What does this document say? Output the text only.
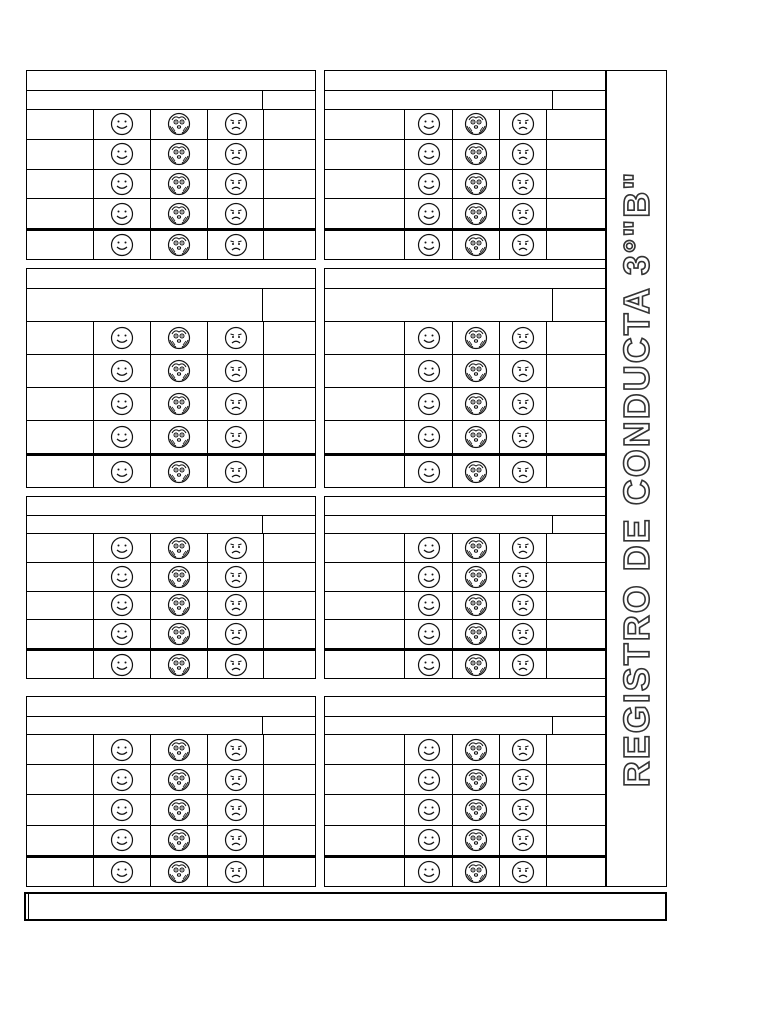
REGISTRO DE CONDUCTA 3°"B"
